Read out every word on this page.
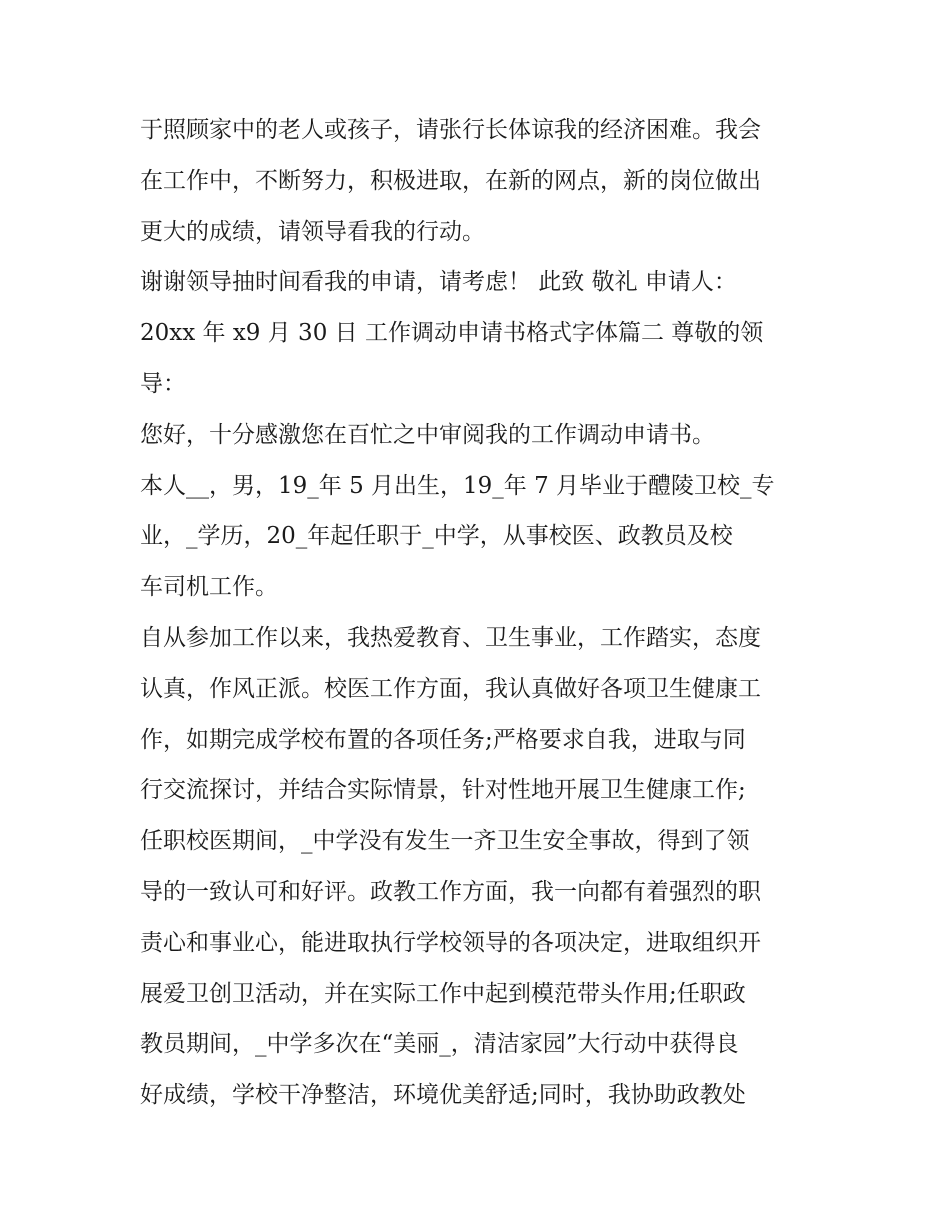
于照顾家中的老人或孩子，请张行长体谅我的经济困难。我会
在工作中，不断努力，积极进取，在新的网点，新的岗位做出
更大的成绩，请领导看我的行动。
谢谢领导抽时间看我的申请，请考虑！ 此致 敬礼 申请人：
20xx 年 x9 月 30 日 工作调动申请书格式字体篇二 尊敬的领
导：
您好，十分感激您在百忙之中审阅我的工作调动申请书。
本人__，男，19_年 5 月出生，19_年 7 月毕业于醴陵卫校_专
业，_学历，20_年起任职于_中学，从事校医、政教员及校
车司机工作。
自从参加工作以来，我热爱教育、卫生事业，工作踏实，态度
认真，作风正派。校医工作方面，我认真做好各项卫生健康工
作，如期完成学校布置的各项任务;严格要求自我，进取与同
行交流探讨，并结合实际情景，针对性地开展卫生健康工作;
任职校医期间，_中学没有发生一齐卫生安全事故，得到了领
导的一致认可和好评。政教工作方面，我一向都有着强烈的职
责心和事业心，能进取执行学校领导的各项决定，进取组织开
展爱卫创卫活动，并在实际工作中起到模范带头作用;任职政
教员期间，_中学多次在“美丽_，清洁家园”大行动中获得良
好成绩，学校干净整洁，环境优美舒适;同时，我协助政教处
